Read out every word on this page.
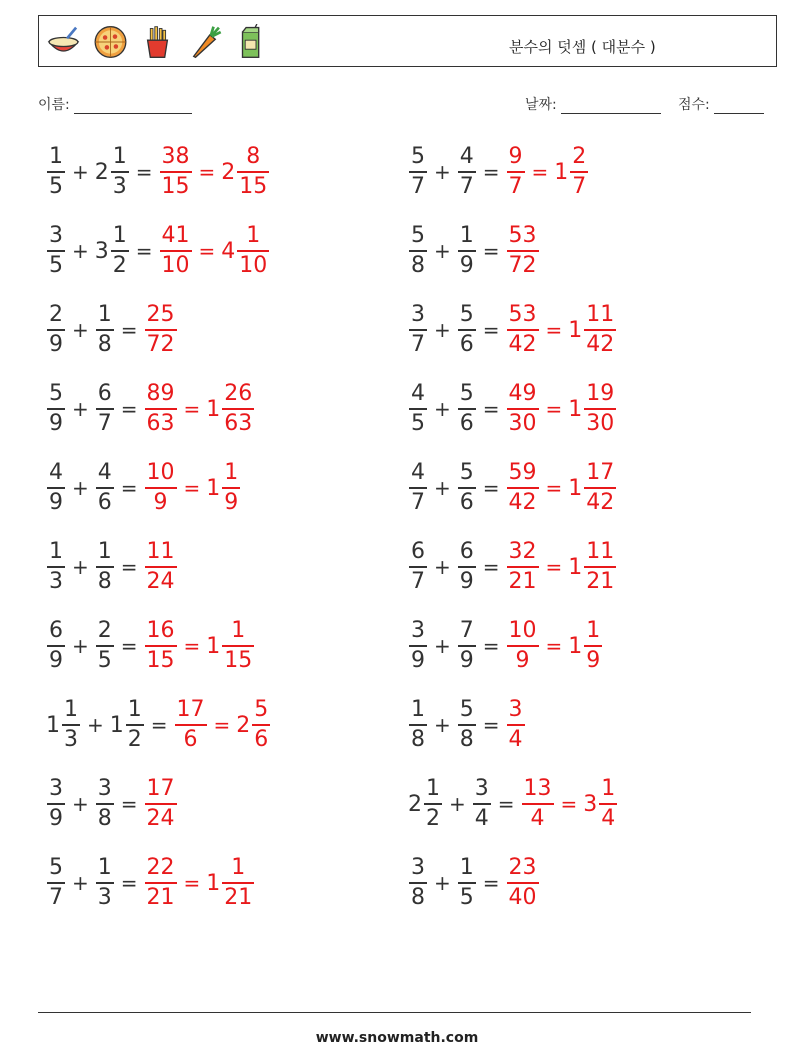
분수의 덧셈 ( 대분수 )
이름:	날짜:	점수:
$\frac{1}{5} + 2 \frac{1}{3} = \frac{38}{15} = 2 \frac{8}{15}$
$\frac{3}{5} + 3 \frac{1}{2} = \frac{41}{10} = 4 \frac{1}{10}$
$\frac{2}{9} + \frac{1}{8} = \frac{25}{72}$
$\frac{5}{9} + \frac{6}{7} = \frac{89}{63} = 1 \frac{26}{63}$
$\frac{4}{9} + \frac{4}{6} = \frac{10}{9} = 1 \frac{1}{9}$
$\frac{1}{3} + \frac{1}{8} = \frac{11}{24}$
$\frac{6}{9} + \frac{2}{5} = \frac{16}{15} = 1 \frac{1}{15}$
$1 \frac{1}{3} + 1 \frac{1}{2} = \frac{17}{6} = 2 \frac{5}{6}$
$\frac{3}{9} + \frac{3}{8} = \frac{17}{24}$
$\frac{5}{7} + \frac{1}{3} = \frac{22}{21} = 1 \frac{1}{21}$
$\frac{5}{7} + \frac{4}{7} = \frac{9}{7} = 1 \frac{2}{7}$
$\frac{5}{8} + \frac{1}{9} = \frac{53}{72}$
$\frac{3}{7} + \frac{5}{6} = \frac{53}{42} = 1 \frac{11}{42}$
$\frac{4}{5} + \frac{5}{6} = \frac{49}{30} = 1 \frac{19}{30}$
$\frac{4}{7} + \frac{5}{6} = \frac{59}{42} = 1 \frac{17}{42}$
$\frac{6}{7} + \frac{6}{9} = \frac{32}{21} = 1 \frac{11}{21}$
$\frac{3}{9} + \frac{7}{9} = \frac{10}{9} = 1 \frac{1}{9}$
$\frac{1}{8} + \frac{5}{8} = \frac{3}{4}$
$2 \frac{1}{2} + \frac{3}{4} = \frac{13}{4} = 3 \frac{1}{4}$
$\frac{3}{8} + \frac{1}{5} = \frac{23}{40}$
www.snowmath.com
